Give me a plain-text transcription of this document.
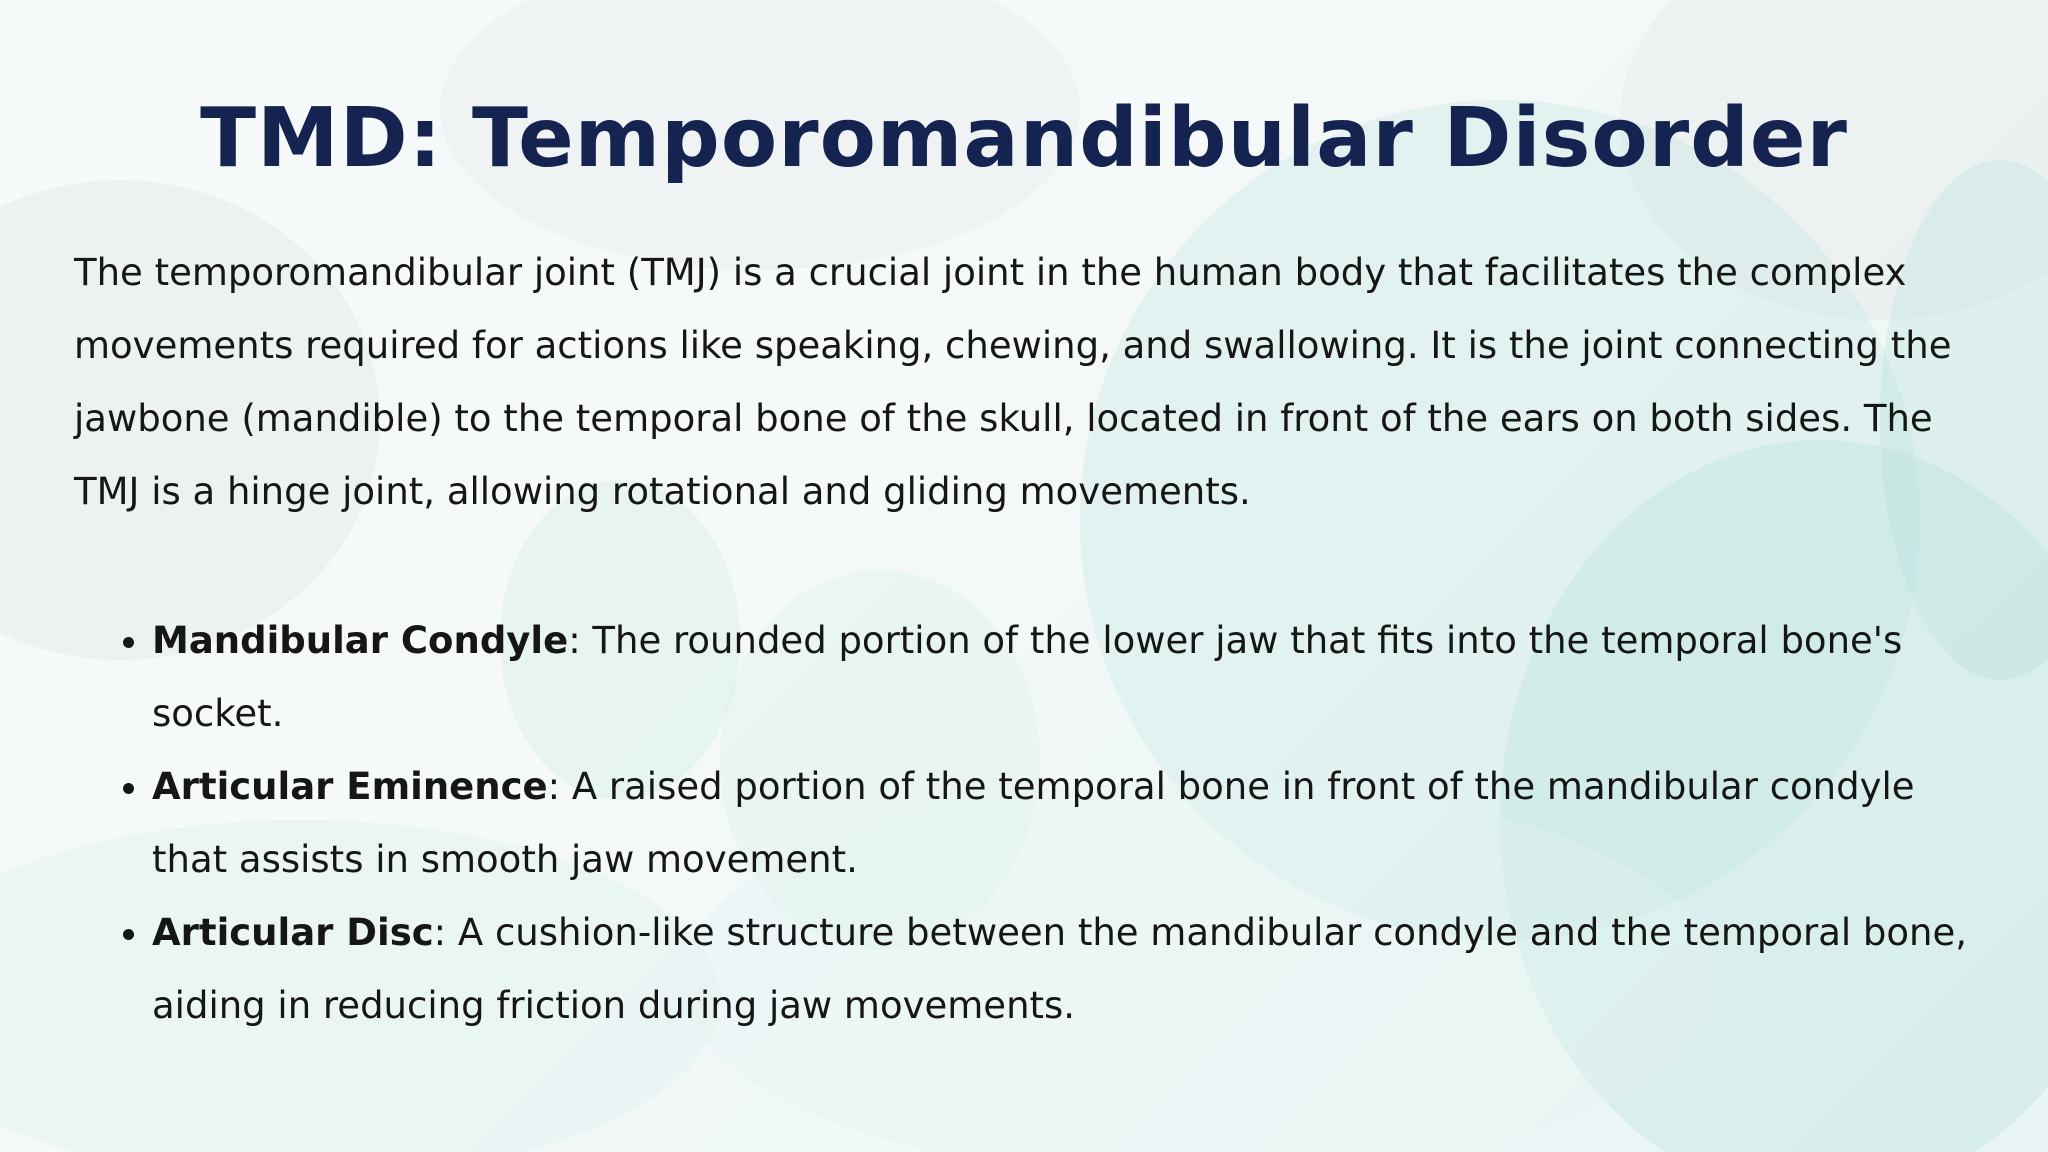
TMD: Temporomandibular Disorder

The temporomandibular joint (TMJ) is a crucial joint in the human body that facilitates the complex movements required for actions like speaking, chewing, and swallowing. It is the joint connecting the jawbone (mandible) to the temporal bone of the skull, located in front of the ears on both sides. The TMJ is a hinge joint, allowing rotational and gliding movements.

• Mandibular Condyle: The rounded portion of the lower jaw that fits into the temporal bone's socket.
• Articular Eminence: A raised portion of the temporal bone in front of the mandibular condyle that assists in smooth jaw movement.
• Articular Disc: A cushion-like structure between the mandibular condyle and the temporal bone, aiding in reducing friction during jaw movements.
